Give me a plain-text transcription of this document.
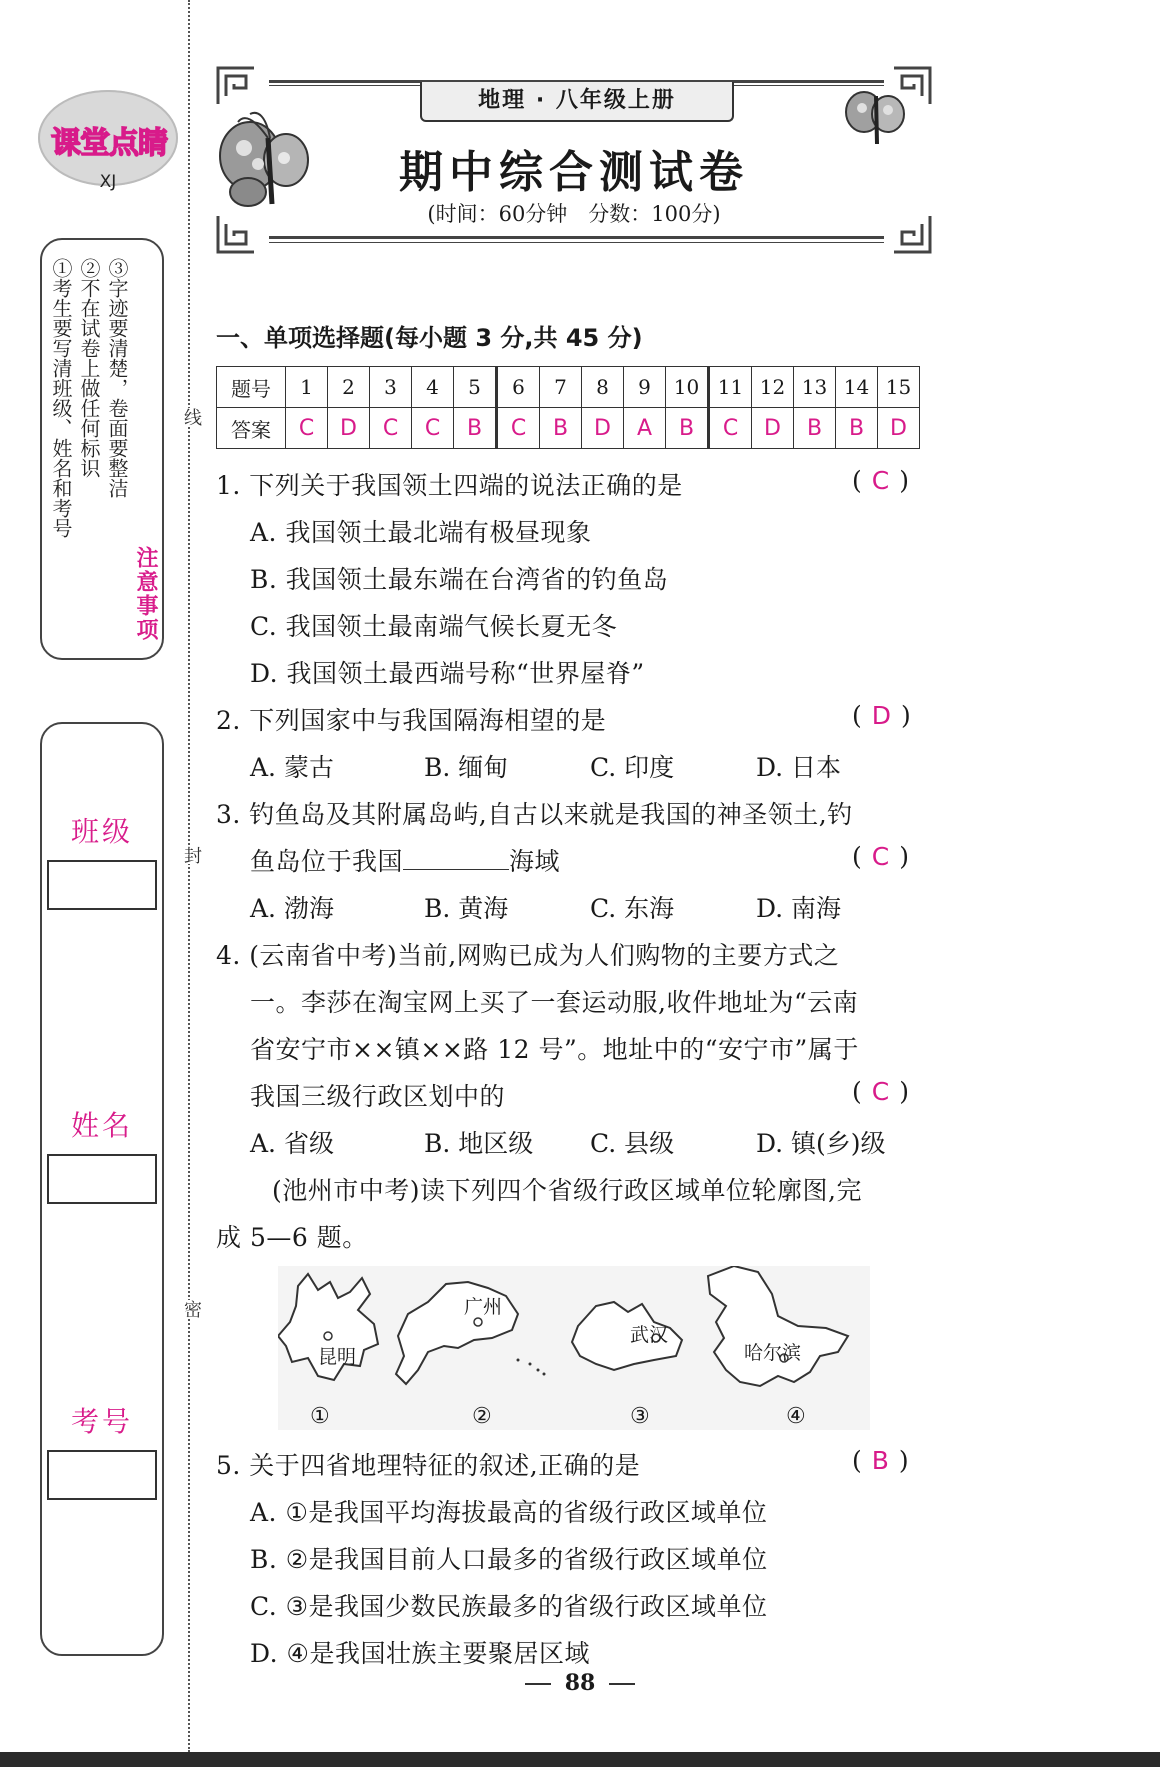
课堂点睛
XJ
①考生要写清班级、姓名和考号 ②不在试卷上做任何标识 ③字迹要清楚，卷面要整洁
注意事项
班级
姓名
考号
线
封
密
地理 · 八年级上册
期中综合测试卷
(时间：60分钟　分数：100分)
一、单项选择题(每小题 3 分,共 45 分)
题号	1	2	3	4	5	6	7	8	9	10	11	12	13	14	15
答案	C	D	C	C	B	C	B	D	A	B	C	D	B	B	D
1. 下列关于我国领土四端的说法正确的是	( C )
A. 我国领土最北端有极昼现象
B. 我国领土最东端在台湾省的钓鱼岛
C. 我国领土最南端气候长夏无冬
D. 我国领土最西端号称“世界屋脊”
2. 下列国家中与我国隔海相望的是	( D )
A. 蒙古	B. 缅甸	C. 印度	D. 日本
3. 钓鱼岛及其附属岛屿,自古以来就是我国的神圣领土,钓
鱼岛位于我国	海域	( C )
A. 渤海	B. 黄海	C. 东海	D. 南海
4. (云南省中考)当前,网购已成为人们购物的主要方式之
一。李莎在淘宝网上买了一套运动服,收件地址为“云南
省安宁市××镇××路 12 号”。地址中的“安宁市”属于
我国三级行政区划中的	( C )
A. 省级	B. 地区级 C. 县级	D. 镇(乡)级
(池州市中考)读下列四个省级行政区域单位轮廓图,完
成 5—6 题。
昆明
广州
武汉
哈尔滨
①	②	③	④
5. 关于四省地理特征的叙述,正确的是	( B )
A. ①是我国平均海拔最高的省级行政区域单位
B. ②是我国目前人口最多的省级行政区域单位
C. ③是我国少数民族最多的省级行政区域单位
D. ④是我国壮族主要聚居区域
88
